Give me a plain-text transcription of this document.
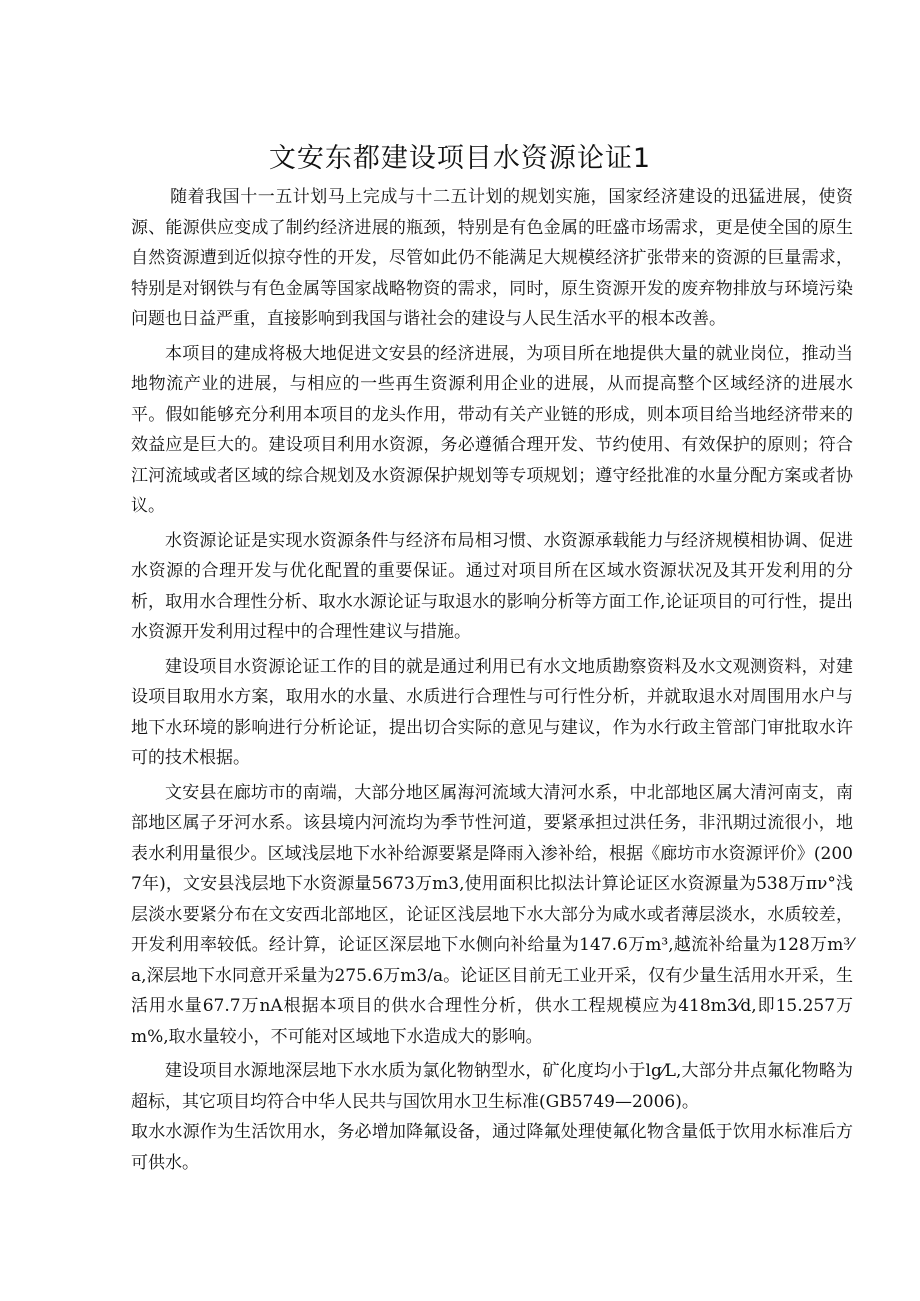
文安东都建设项目水资源论证1

随着我国十一五计划马上完成与十二五计划的规划实施，国家经济建设的迅猛进展，使资源、能源供应变成了制约经济进展的瓶颈，特别是有色金属的旺盛市场需求，更是使全国的原生自然资源遭到近似掠夺性的开发，尽管如此仍不能满足大规模经济扩张带来的资源的巨量需求，特别是对钢铁与有色金属等国家战略物资的需求，同时，原生资源开发的废弃物排放与环境污染问题也日益严重，直接影响到我国与谐社会的建设与人民生活水平的根本改善。

本项目的建成将极大地促进文安县的经济进展，为项目所在地提供大量的就业岗位，推动当地物流产业的进展，与相应的一些再生资源利用企业的进展，从而提高整个区域经济的进展水平。假如能够充分利用本项目的龙头作用，带动有关产业链的形成，则本项目给当地经济带来的效益应是巨大的。建设项目利用水资源，务必遵循合理开发、节约使用、有效保护的原则；符合江河流域或者区域的综合规划及水资源保护规划等专项规划；遵守经批准的水量分配方案或者协议。

水资源论证是实现水资源条件与经济布局相习惯、水资源承载能力与经济规模相协调、促进水资源的合理开发与优化配置的重要保证。通过对项目所在区域水资源状况及其开发利用的分析，取用水合理性分析、取水水源论证与取退水的影响分析等方面工作,论证项目的可行性，提出水资源开发利用过程中的合理性建议与措施。

建设项目水资源论证工作的目的就是通过利用已有水文地质勘察资料及水文观测资料，对建设项目取用水方案，取用水的水量、水质进行合理性与可行性分析，并就取退水对周围用水户与地下水环境的影响进行分析论证，提出切合实际的意见与建议，作为水行政主管部门审批取水许可的技术根据。

文安县在廊坊市的南端，大部分地区属海河流域大清河水系，中北部地区属大清河南支，南部地区属子牙河水系。该县境内河流均为季节性河道，要紧承担过洪任务，非汛期过流很小，地表水利用量很少。区域浅层地下水补给源要紧是降雨入渗补给，根据《廊坊市水资源评价》(2007年)，文安县浅层地下水资源量5673万m3,使用面积比拟法计算论证区水资源量为538万πν°浅层淡水要紧分布在文安西北部地区，论证区浅层地下水大部分为咸水或者薄层淡水，水质较差，开发利用率较低。经计算，论证区深层地下水侧向补给量为147.6万m³,越流补给量为128万m³⁄a,深层地下水同意开采量为275.6万m3/a。论证区目前无工业开采，仅有少量生活用水开采，生活用水量67.7万nA根据本项目的供水合理性分析，供水工程规模应为418m3⁄d,即15.257万m%,取水量较小，不可能对区域地下水造成大的影响。

建设项目水源地深层地下水水质为氯化物钠型水，矿化度均小于lg⁄L,大部分井点氟化物略为超标，其它项目均符合中华人民共与国饮用水卫生标准(GB5749—2006)。

取水水源作为生活饮用水，务必增加降氟设备，通过降氟处理使氟化物含量低于饮用水标准后方可供水。
